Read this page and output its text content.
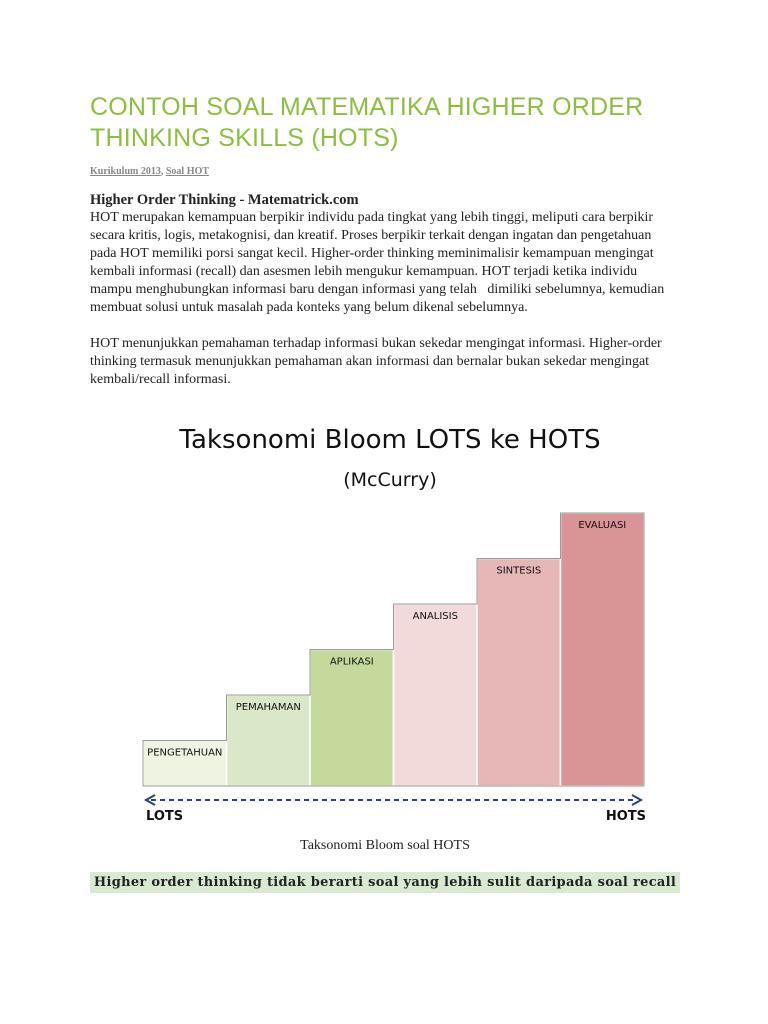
CONTOH SOAL MATEMATIKA HIGHER ORDER THINKING SKILLS (HOTS)
Kurikulum 2013, Soal HOT
Higher Order Thinking - Matematrick.com

HOT merupakan kemampuan berpikir individu pada tingkat yang lebih tinggi, meliputi cara berpikir secara kritis, logis, metakognisi, dan kreatif. Proses berpikir terkait dengan ingatan dan pengetahuan pada HOT memiliki porsi sangat kecil. Higher-order thinking meminimalisir kemampuan mengingat kembali informasi (recall) dan asesmen lebih mengukur kemampuan. HOT terjadi ketika individu mampu menghubungkan informasi baru dengan informasi yang telah   dimiliki sebelumnya, kemudian membuat solusi untuk masalah pada konteks yang belum dikenal sebelumnya.

HOT menunjukkan pemahaman terhadap informasi bukan sekedar mengingat informasi. Higher-order thinking termasuk menunjukkan pemahaman akan informasi dan bernalar bukan sekedar mengingat kembali/recall informasi.

Taksonomi Bloom LOTS ke HOTS
(McCurry)
PENGETAHUAN
PEMAHAMAN
APLIKASI
ANALISIS
SINTESIS
EVALUASI
LOTS	HOTS
Taksonomi Bloom soal HOTS
Higher order thinking tidak berarti soal yang lebih sulit daripada soal recall
